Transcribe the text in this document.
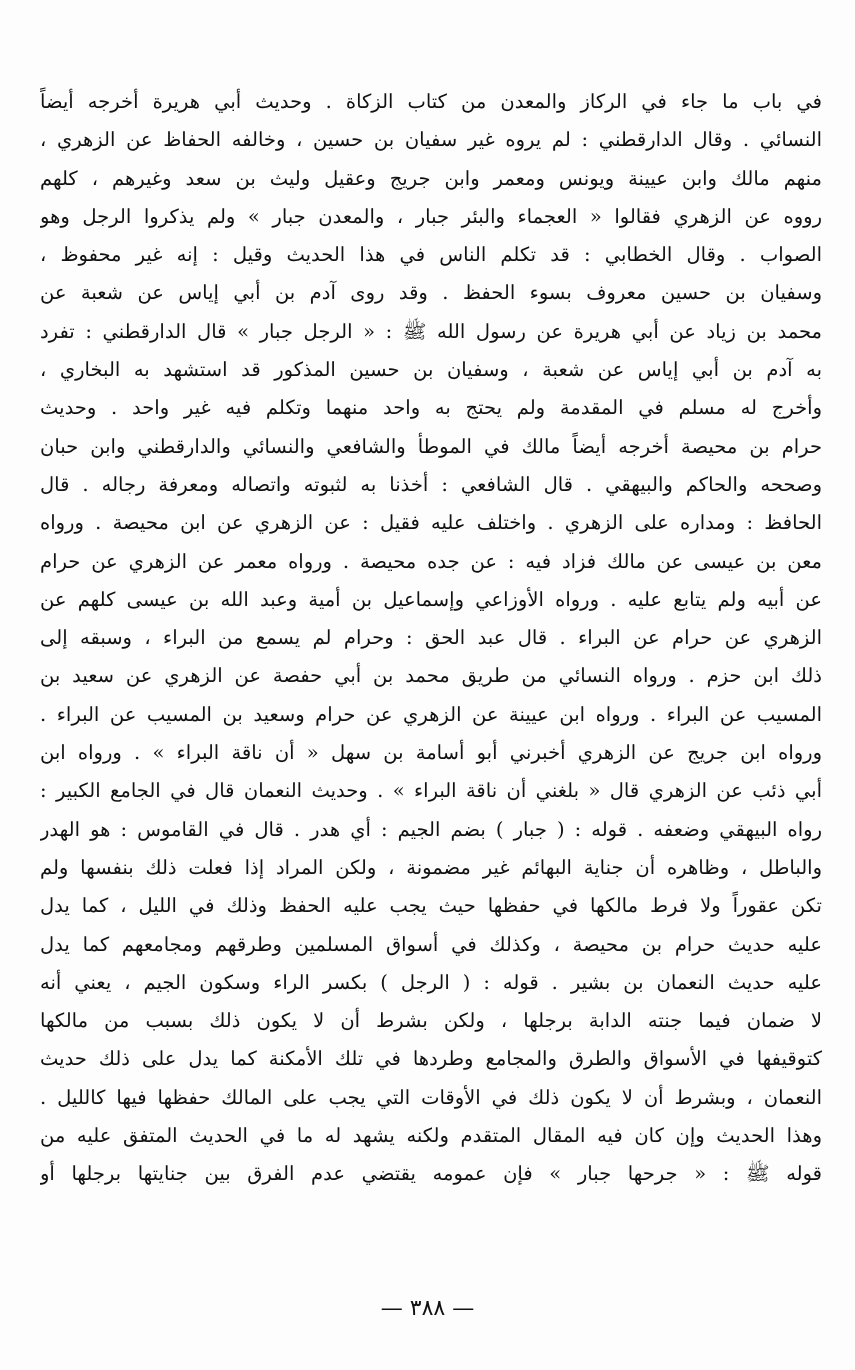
في باب ما جاء في الركاز والمعدن من كتاب الزكاة . وحديث أبي هريرة أخرجه أيضاً
النسائي . وقال الدارقطني : لم يروه غير سفيان بن حسين ، وخالفه الحفاظ عن الزهري ،
منهم مالك وابن عيينة ويونس ومعمر وابن جريج وعقيل وليث بن سعد وغيرهم ، كلهم
رووه عن الزهري فقالوا « العجماء والبئر جبار ، والمعدن جبار » ولم يذكروا الرجل وهو
الصواب . وقال الخطابي : قد تكلم الناس في هذا الحديث وقيل : إنه غير محفوظ ،
وسفيان بن حسين معروف بسوء الحفظ . وقد روى آدم بن أبي إياس عن شعبة عن
محمد بن زياد عن أبي هريرة عن رسول الله ﷺ : « الرجل جبار » قال الدارقطني : تفرد
به آدم بن أبي إياس عن شعبة ، وسفيان بن حسين المذكور قد استشهد به البخاري ،
وأخرج له مسلم في المقدمة ولم يحتج به واحد منهما وتكلم فيه غير واحد . وحديث
حرام بن محيصة أخرجه أيضاً مالك في الموطأ والشافعي والنسائي والدارقطني وابن حبان
وصححه والحاكم والبيهقي . قال الشافعي : أخذنا به لثبوته واتصاله ومعرفة رجاله . قال
الحافظ : ومداره على الزهري . واختلف عليه فقيل : عن الزهري عن ابن محيصة . ورواه
معن بن عيسى عن مالك فزاد فيه : عن جده محيصة . ورواه معمر عن الزهري عن حرام
عن أبيه ولم يتابع عليه . ورواه الأوزاعي وإسماعيل بن أمية وعبد الله بن عيسى كلهم عن
الزهري عن حرام عن البراء . قال عبد الحق : وحرام لم يسمع من البراء ، وسبقه إلى
ذلك ابن حزم . ورواه النسائي من طريق محمد بن أبي حفصة عن الزهري عن سعيد بن
المسيب عن البراء . ورواه ابن عيينة عن الزهري عن حرام وسعيد بن المسيب عن البراء .
ورواه ابن جريج عن الزهري أخبرني أبو أسامة بن سهل « أن ناقة البراء » . ورواه ابن
أبي ذئب عن الزهري قال « بلغني أن ناقة البراء » . وحديث النعمان قال في الجامع الكبير :
رواه البيهقي وضعفه . قوله : ( جبار ) بضم الجيم : أي هدر . قال في القاموس : هو الهدر
والباطل ، وظاهره أن جناية البهائم غير مضمونة ، ولكن المراد إذا فعلت ذلك بنفسها ولم
تكن عقوراً ولا فرط مالكها في حفظها حيث يجب عليه الحفظ وذلك في الليل ، كما يدل
عليه حديث حرام بن محيصة ، وكذلك في أسواق المسلمين وطرقهم ومجامعهم كما يدل
عليه حديث النعمان بن بشير . قوله : ( الرجل ) بكسر الراء وسكون الجيم ، يعني أنه
لا ضمان فيما جنته الدابة برجلها ، ولكن بشرط أن لا يكون ذلك بسبب من مالكها
كتوقيفها في الأسواق والطرق والمجامع وطردها في تلك الأمكنة كما يدل على ذلك حديث
النعمان ، وبشرط أن لا يكون ذلك في الأوقات التي يجب على المالك حفظها فيها كالليل .
وهذا الحديث وإن كان فيه المقال المتقدم ولكنه يشهد له ما في الحديث المتفق عليه من
قوله ﷺ : « جرحها جبار » فإن عمومه يقتضي عدم الفرق بين جنايتها برجلها أو
— ٣٨٨ —
